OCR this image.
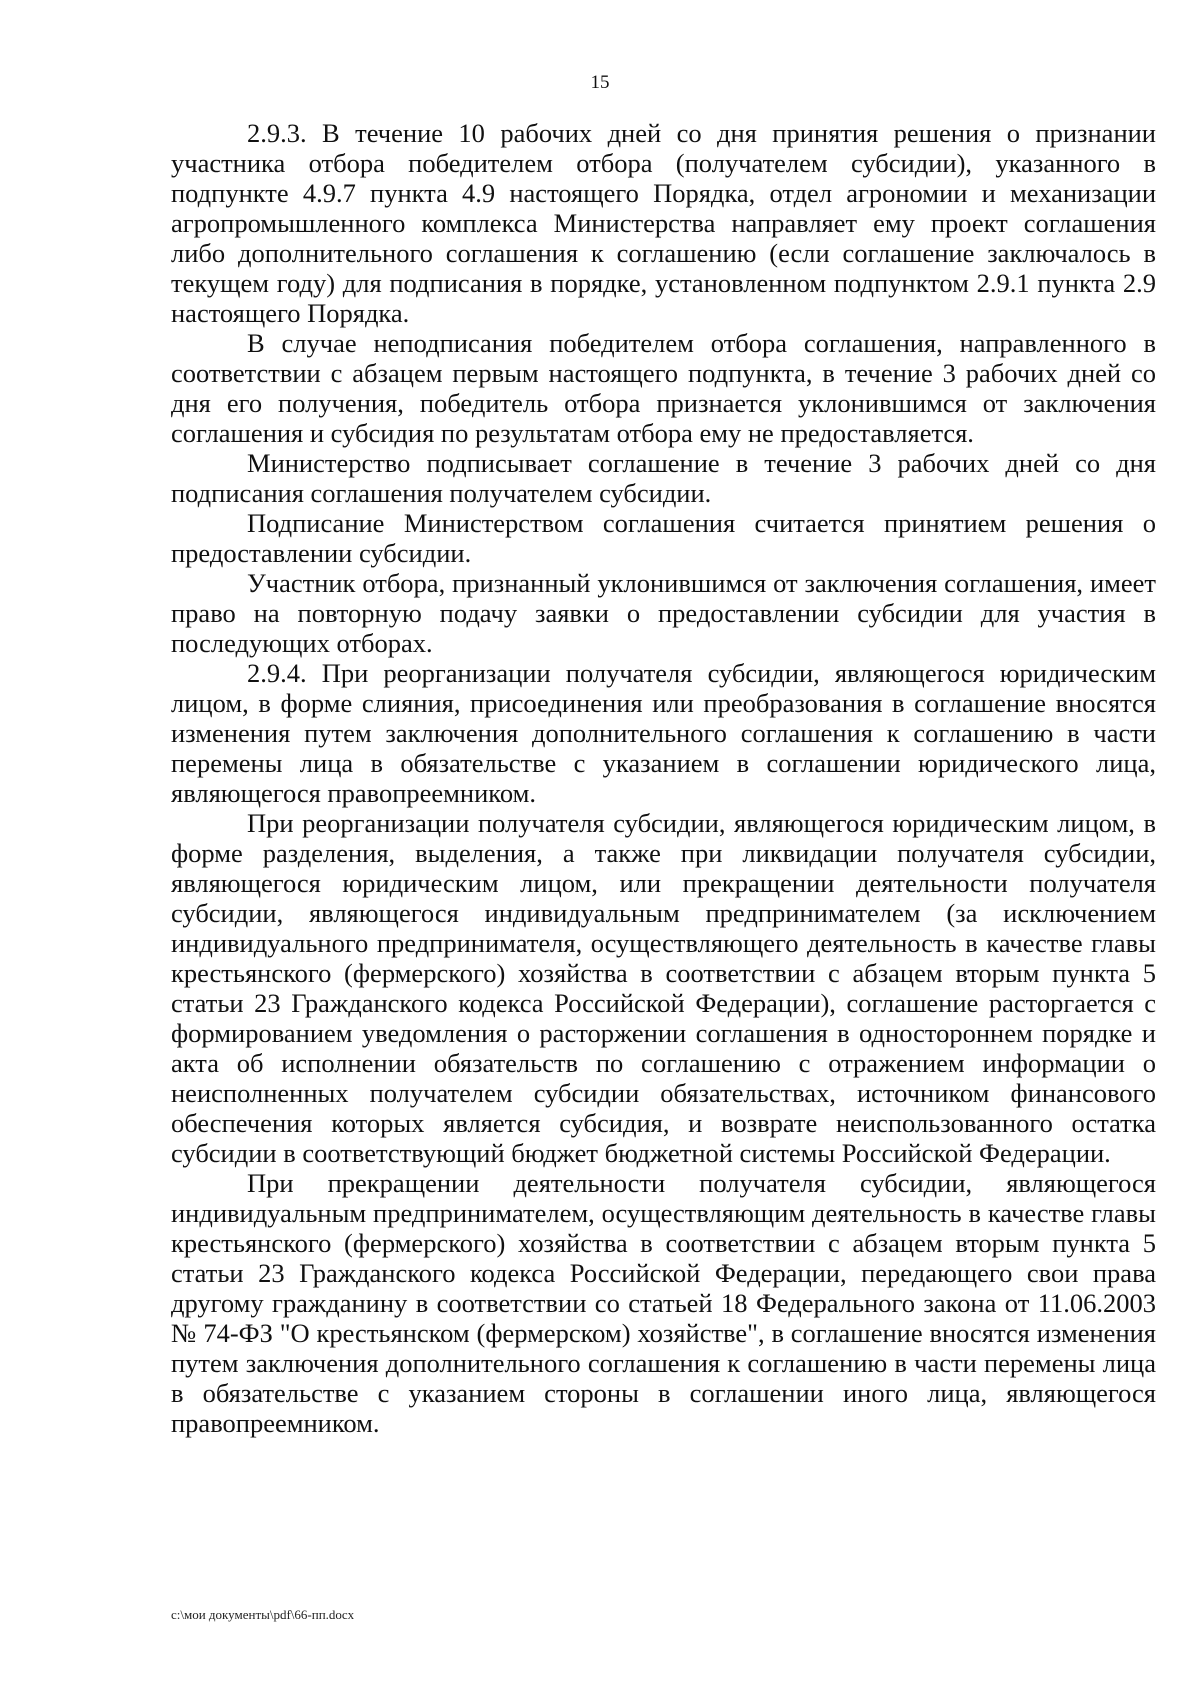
15

2.9.3. В течение 10 рабочих дней со дня принятия решения о признании участника отбора победителем отбора (получателем субсидии), указанного в подпункте 4.9.7 пункта 4.9 настоящего Порядка, отдел агрономии и механизации агропромышленного комплекса Министерства направляет ему проект соглашения либо дополнительного соглашения к соглашению (если соглашение заключалось в текущем году) для подписания в порядке, установленном подпунктом 2.9.1 пункта 2.9 настоящего Порядка.

В случае неподписания победителем отбора соглашения, направленного в соответствии с абзацем первым настоящего подпункта, в течение 3 рабочих дней со дня его получения, победитель отбора признается уклонившимся от заключения соглашения и субсидия по результатам отбора ему не предоставляется.

Министерство подписывает соглашение в течение 3 рабочих дней со дня подписания соглашения получателем субсидии.

Подписание Министерством соглашения считается принятием решения о предоставлении субсидии.

Участник отбора, признанный уклонившимся от заключения соглашения, имеет право на повторную подачу заявки о предоставлении субсидии для участия в последующих отборах.

2.9.4. При реорганизации получателя субсидии, являющегося юридическим лицом, в форме слияния, присоединения или преобразования в соглашение вносятся изменения путем заключения дополнительного соглашения к соглашению в части перемены лица в обязательстве с указанием в соглашении юридического лица, являющегося правопреемником.

При реорганизации получателя субсидии, являющегося юридическим лицом, в форме разделения, выделения, а также при ликвидации получателя субсидии, являющегося юридическим лицом, или прекращении деятельности получателя субсидии, являющегося индивидуальным предпринимателем (за исключением индивидуального предпринимателя, осуществляющего деятельность в качестве главы крестьянского (фермерского) хозяйства в соответствии с абзацем вторым пункта 5 статьи 23 Гражданского кодекса Российской Федерации), соглашение расторгается с формированием уведомления о расторжении соглашения в одностороннем порядке и акта об исполнении обязательств по соглашению с отражением информации о неисполненных получателем субсидии обязательствах, источником финансового обеспечения которых является субсидия, и возврате неиспользованного остатка субсидии в соответствующий бюджет бюджетной системы Российской Федерации.

При прекращении деятельности получателя субсидии, являющегося индивидуальным предпринимателем, осуществляющим деятельность в качестве главы крестьянского (фермерского) хозяйства в соответствии с абзацем вторым пункта 5 статьи 23 Гражданского кодекса Российской Федерации, передающего свои права другому гражданину в соответствии со статьей 18 Федерального закона от 11.06.2003 № 74-ФЗ "О крестьянском (фермерском) хозяйстве", в соглашение вносятся изменения путем заключения дополнительного соглашения к соглашению в части перемены лица в обязательстве с указанием стороны в соглашении иного лица, являющегося правопреемником.

c:\мои документы\pdf\66-пп.docx
